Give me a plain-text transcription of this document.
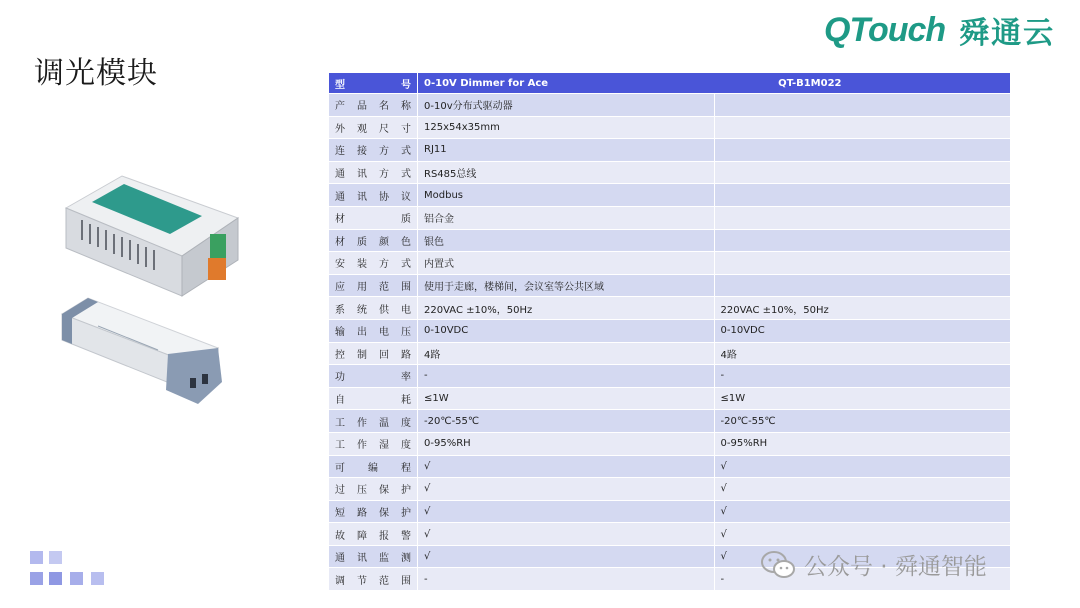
调光模块
QTouch 舜通云
型 号	0-10V Dimmer for Ace QT-B1M022	

产品名称	0-10v分布式驱动器	

外观尺寸	125x54x35mm	

连接方式	RJ11	

通讯方式	RS485总线	

通讯协议	Modbus	

材质	铝合金	

材质颜色	银色	

安装方式	内置式	

应用范围	使用于走廊，楼梯间，会议室等公共区域	

系统供电	220VAC ±10%，50Hz	220VAC ±10%，50Hz

输出电压	0-10VDC	0-10VDC

控制回路	4路	4路

功率	-	-

自耗	≤1W	≤1W

工作温度	-20℃-55℃	-20℃-55℃

工作湿度	0-95%RH	0-95%RH

可编程	√	√

过压保护	√	√

短路保护	√	√

故障报警	√	√

通讯监测	√	√

调节范围	-	-	公众号 · 舜通智能
